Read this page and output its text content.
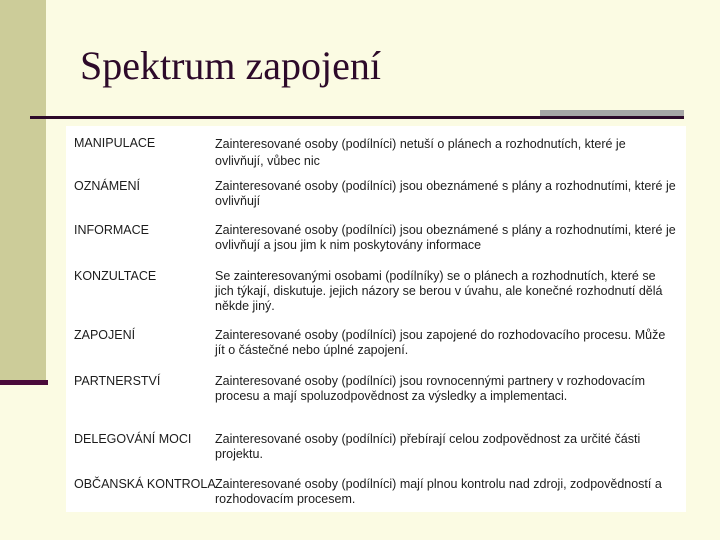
Spektrum zapojení
MANIPULACE	Zainteresované osoby (podílníci) netuší o plánech a rozhodnutích, které je ovlivňují, vůbec nic
OZNÁMENÍ	Zainteresované osoby (podílníci) jsou obeznámené s plány a rozhodnutími, které je ovlivňují
INFORMACE	Zainteresované osoby (podílníci) jsou obeznámené s plány a rozhodnutími, které je ovlivňují a jsou jim k nim poskytovány informace
KONZULTACE	Se zainteresovanými osobami (podílníky) se o plánech a rozhodnutích, které se jich týkají, diskutuje. jejich názory se berou v úvahu, ale konečné rozhodnutí dělá někde jiný.
ZAPOJENÍ	Zainteresované osoby (podílníci) jsou zapojené do rozhodovacího procesu. Může jít o částečné nebo úplné zapojení.
PARTNERSTVÍ	Zainteresované osoby (podílníci) jsou rovnocennými partnery v rozhodovacím procesu a mají spoluzodpovědnost za výsledky a implementaci.
DELEGOVÁNÍ MOCI	Zainteresované osoby (podílníci) přebírají celou zodpovědnost za určité části projektu.
OBČANSKÁ KONTROLA Zainteresované osoby (podílníci) mají plnou kontrolu nad zdroji, zodpovědností a rozhodovacím procesem.
